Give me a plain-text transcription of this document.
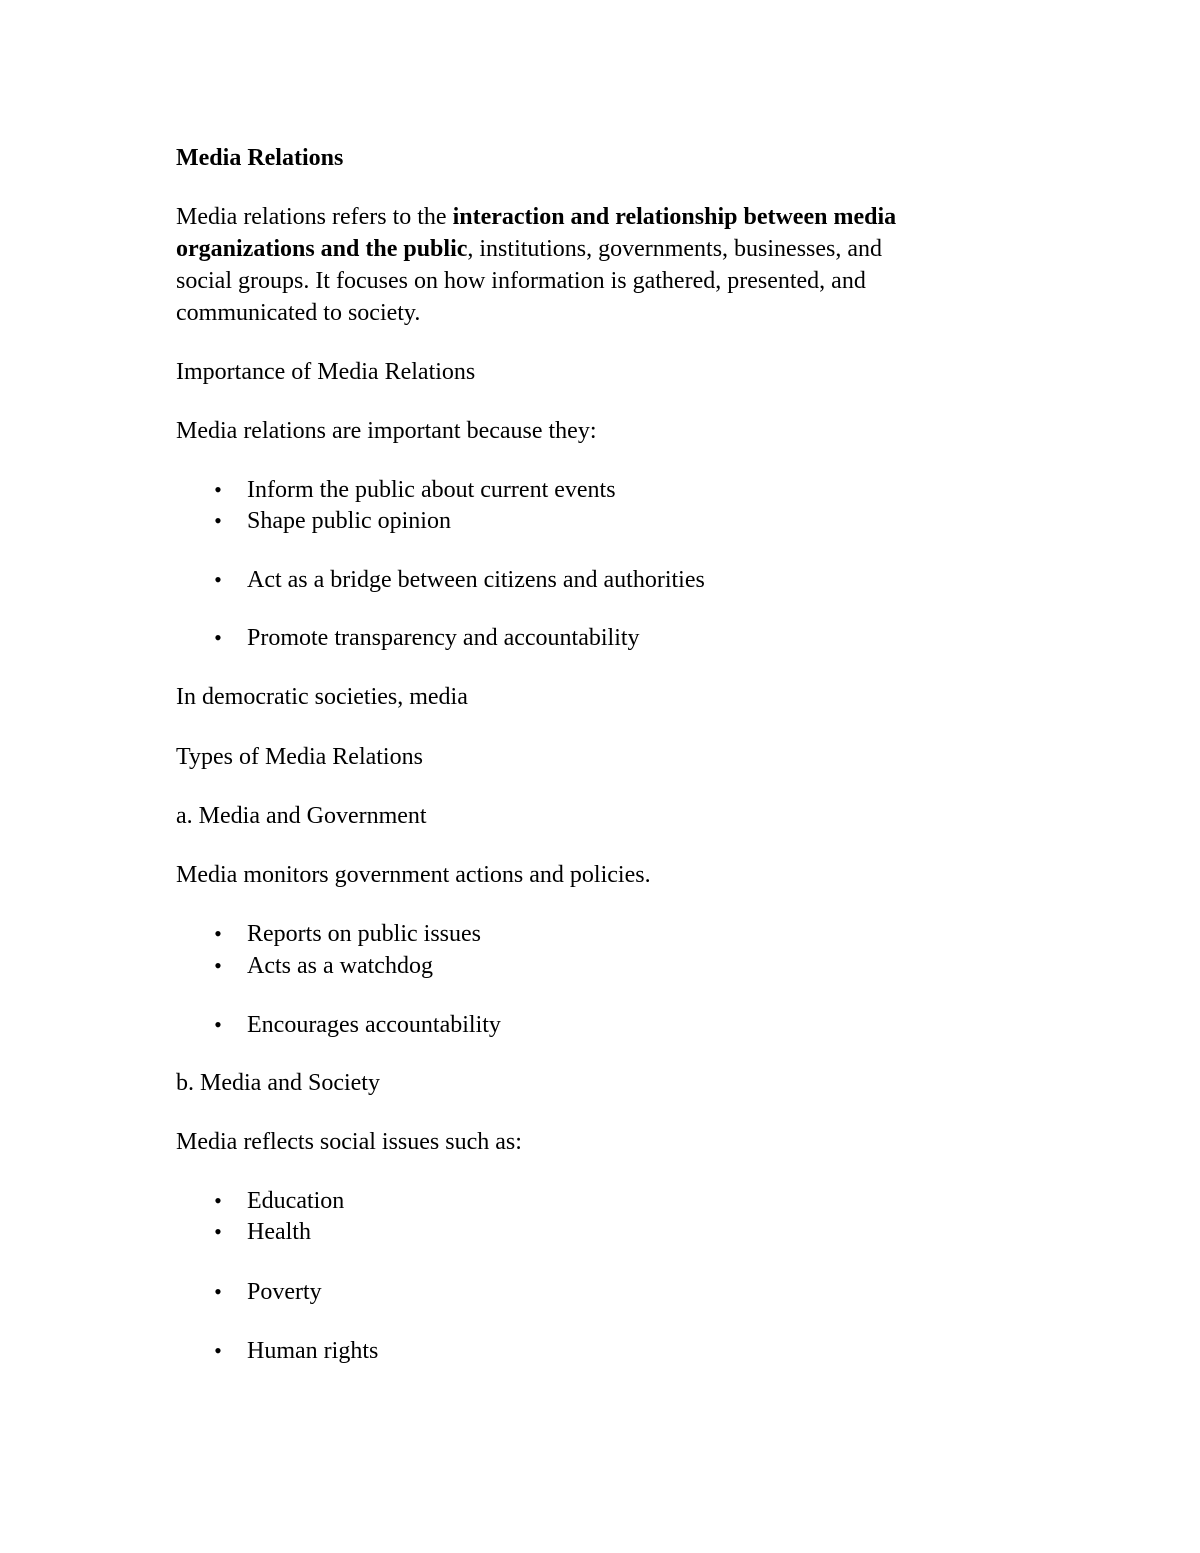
Media Relations
Media relations refers to the interaction and relationship between media
organizations and the public, institutions, governments, businesses, and
social groups. It focuses on how information is gathered, presented, and
communicated to society.
Importance of Media Relations
Media relations are important because they:
• Inform the public about current events
• Shape public opinion
• Act as a bridge between citizens and authorities
• Promote transparency and accountability
In democratic societies, media
Types of Media Relations
a. Media and Government
Media monitors government actions and policies.
• Reports on public issues
• Acts as a watchdog
• Encourages accountability
b. Media and Society
Media reflects social issues such as:
• Education
• Health
• Poverty
• Human rights
